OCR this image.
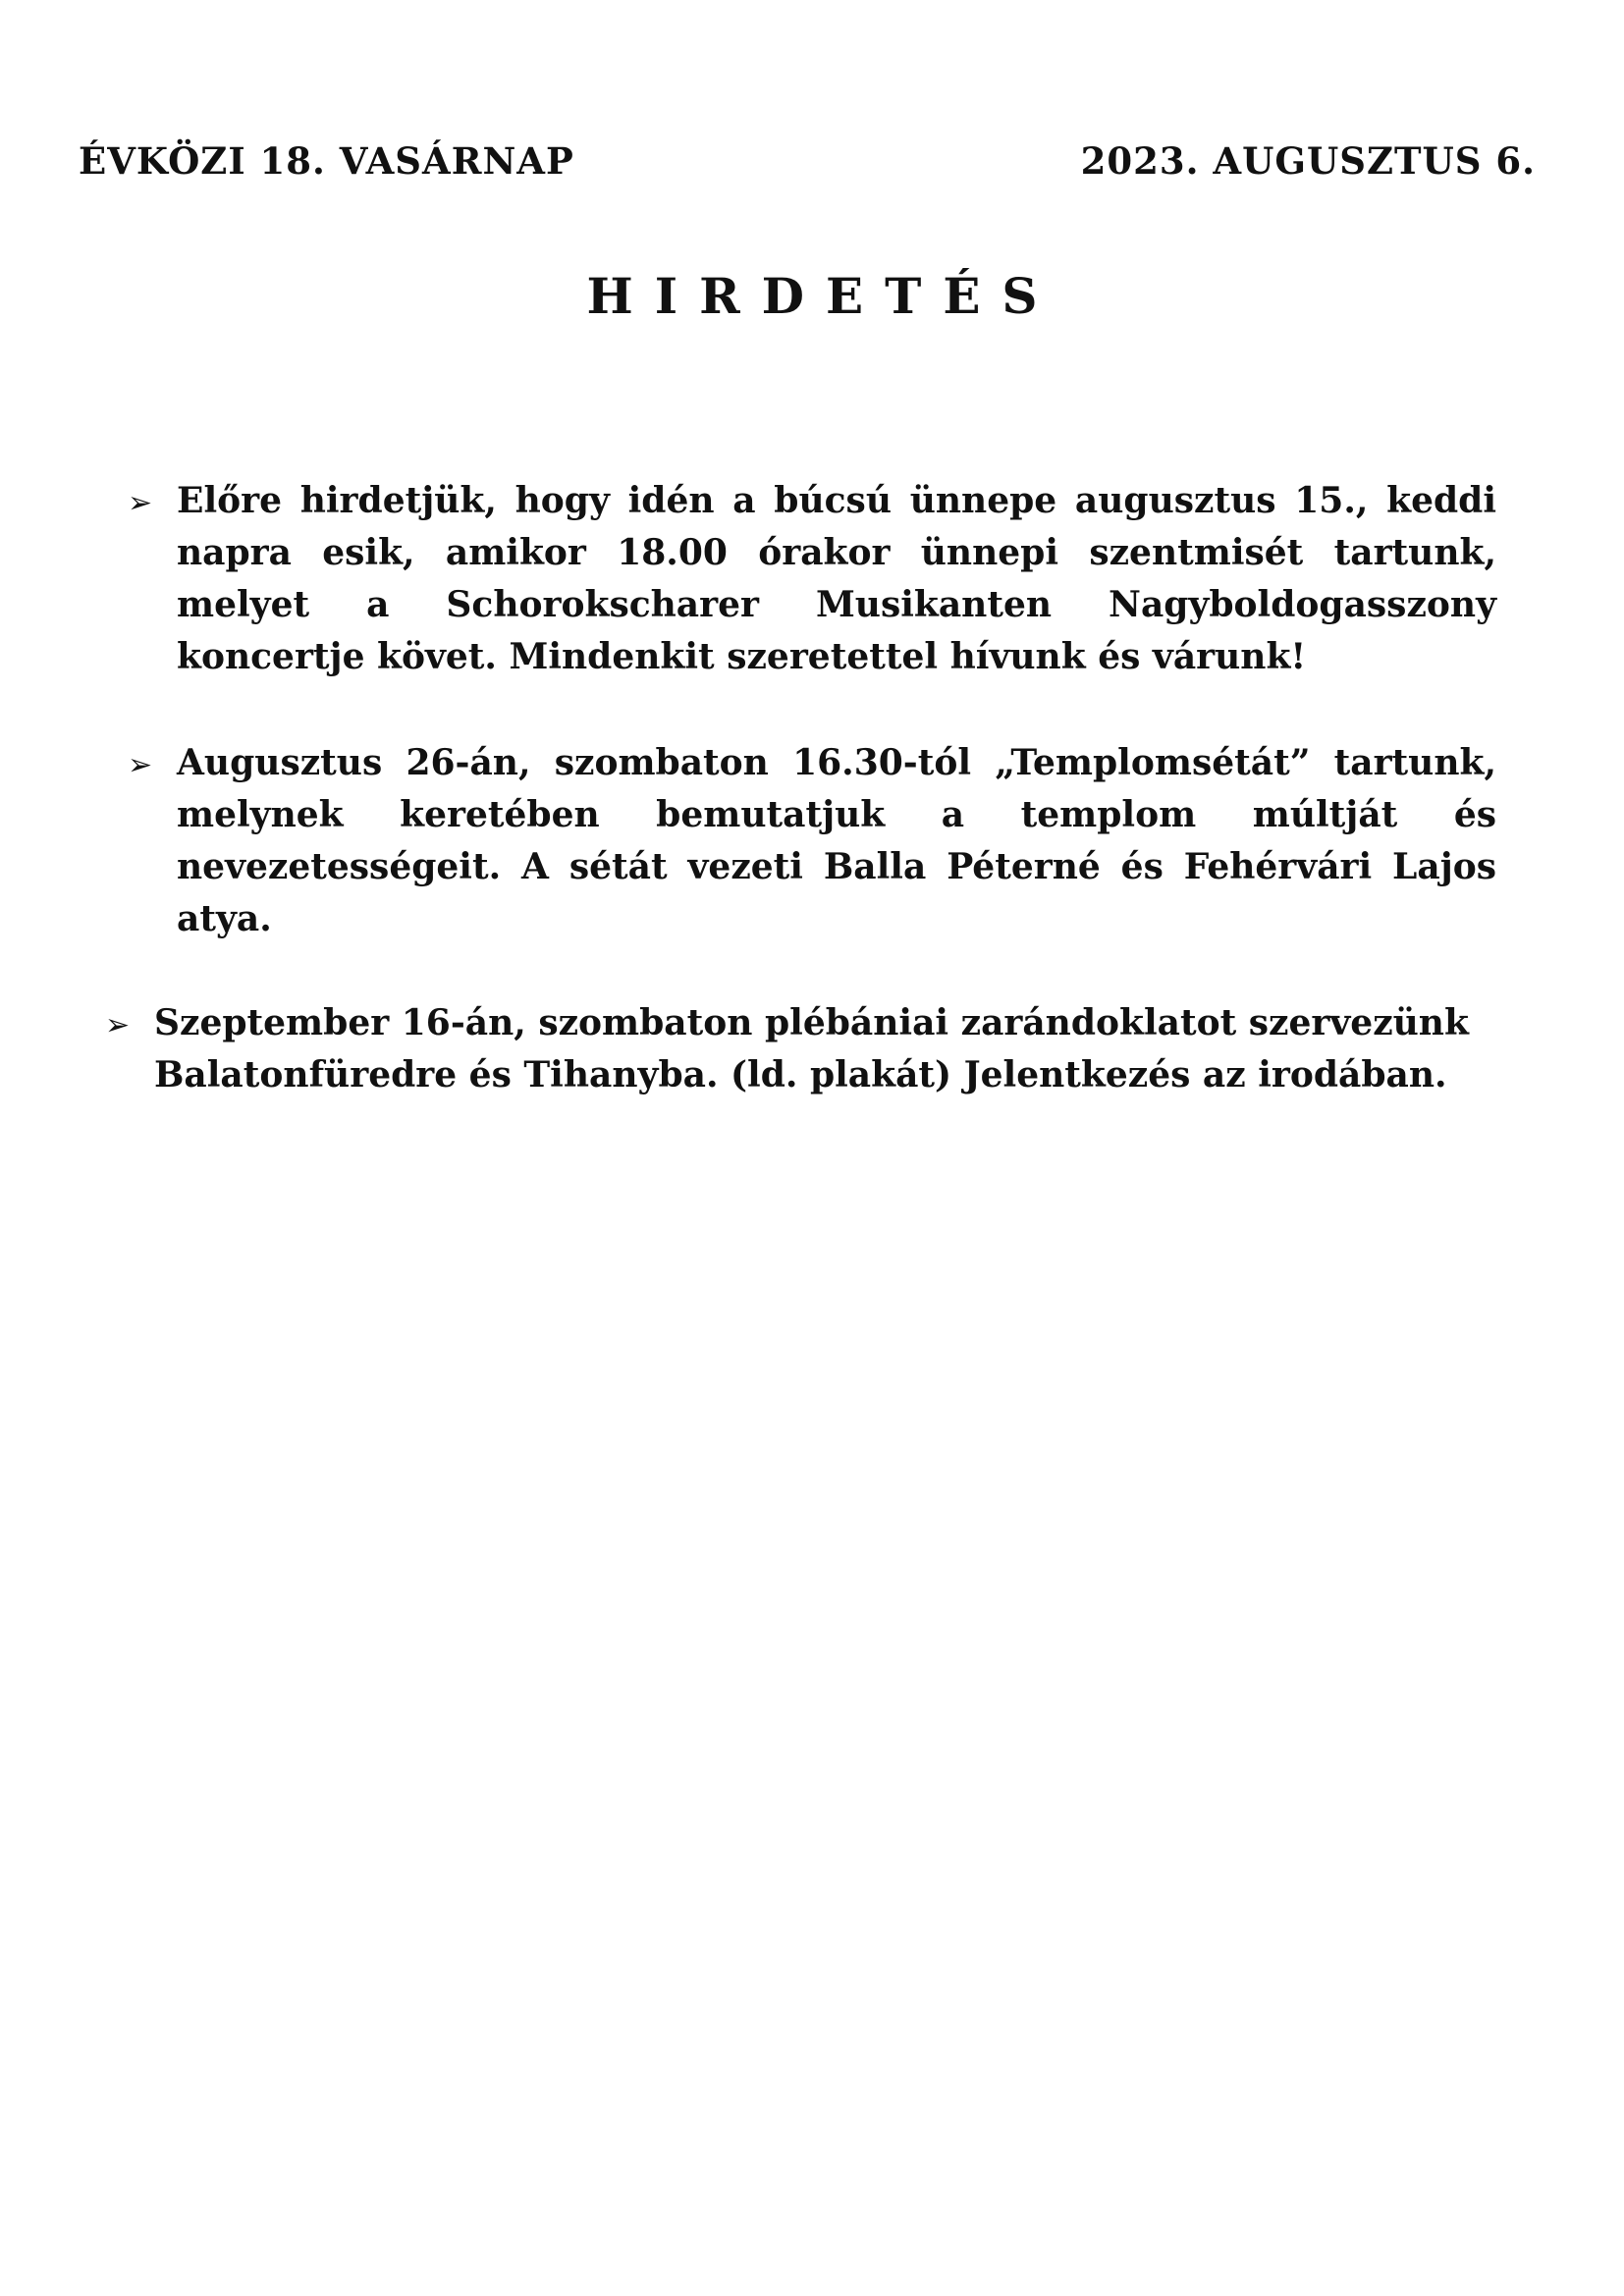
ÉVKÖZI 18. VASÁRNAP	2023. AUGUSZTUS 6.
HIRDETÉS
➢ Előre hirdetjük, hogy idén a búcsú ünnepe augusztus 15., keddi napra esik, amikor 18.00 órakor ünnepi szentmisét tartunk, melyet a Schorokscharer Musikanten Nagyboldogasszony koncertje követ. Mindenkit szeretettel hívunk és várunk!
➢ Augusztus 26-án, szombaton 16.30-tól „Templomsétát” tartunk, melynek keretében bemutatjuk a templom múltját és nevezetességeit. A sétát vezeti Balla Péterné és Fehérvári Lajos atya.
➢ Szeptember 16-án, szombaton plébániai zarándoklatot szervezünk Balatonfüredre és Tihanyba. (ld. plakát) Jelentkezés az irodában.
